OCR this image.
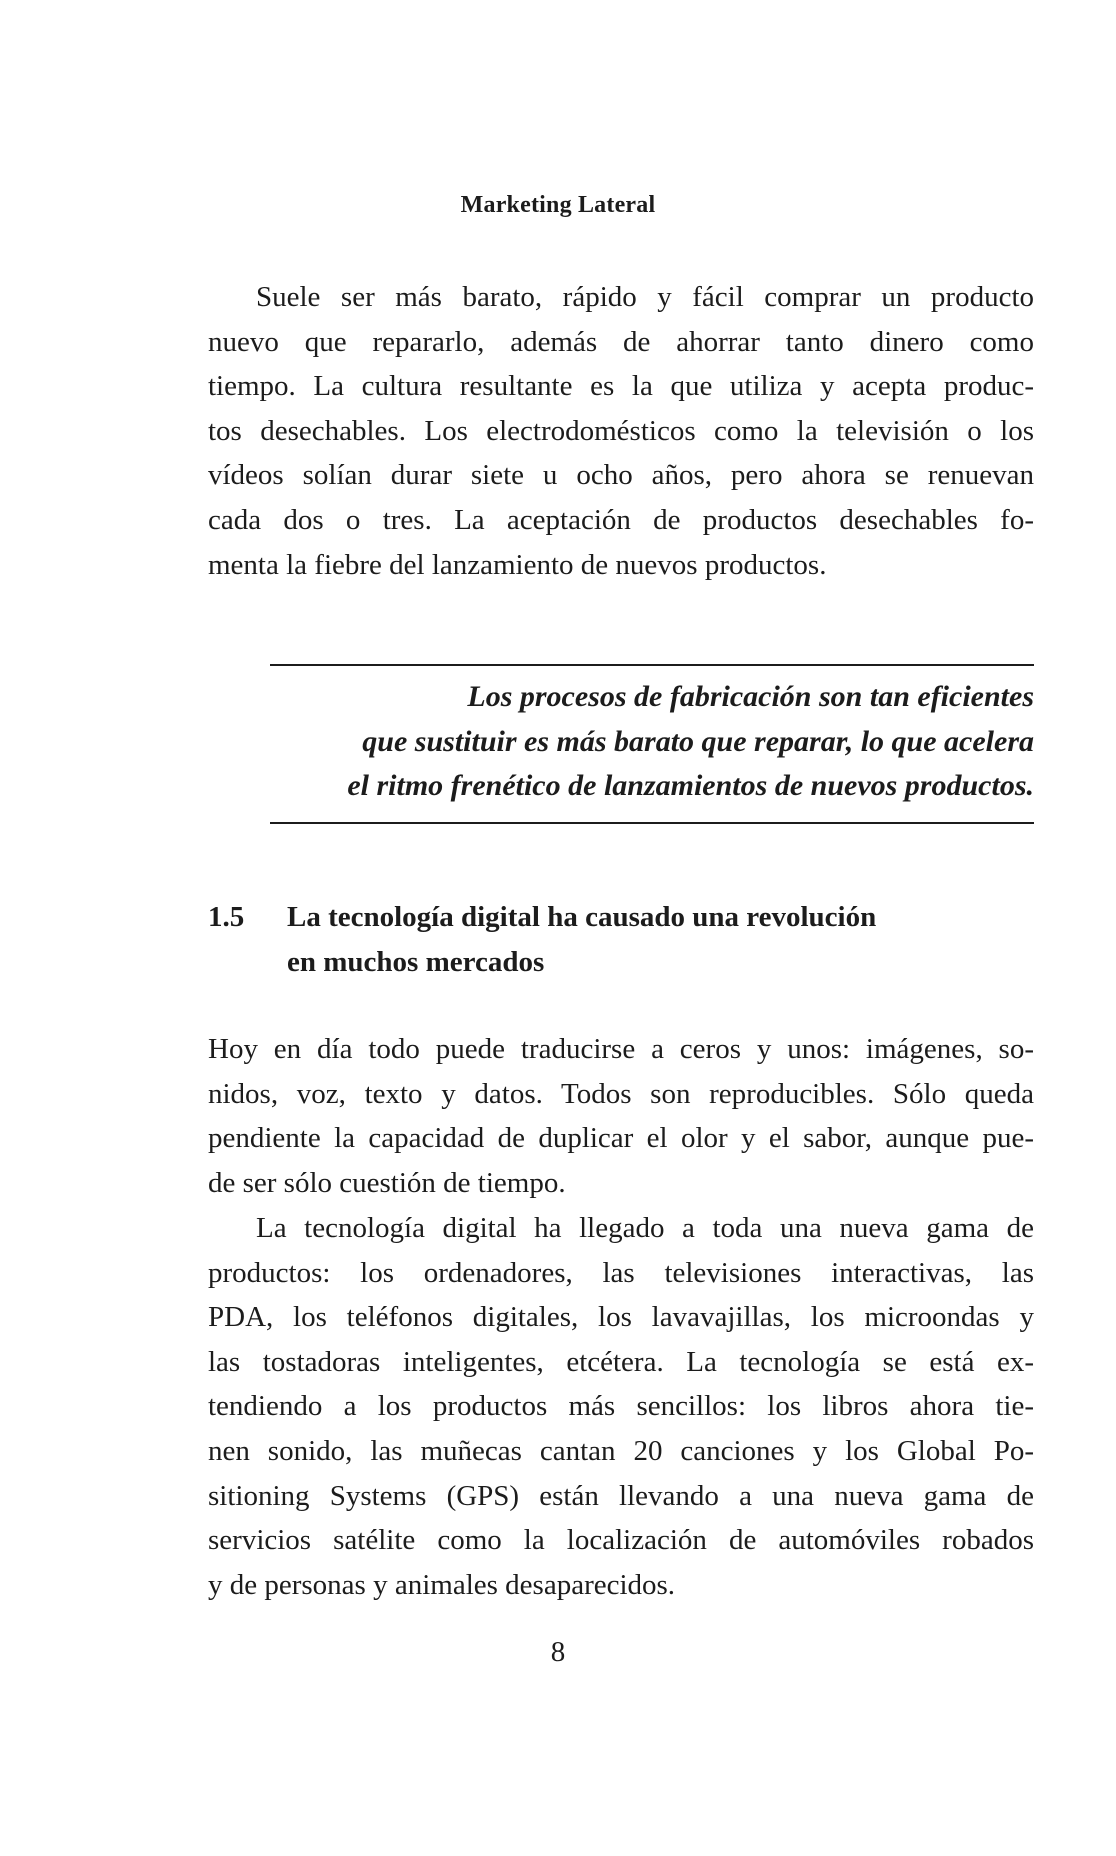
Marketing Lateral
Suele ser más barato, rápido y fácil comprar un producto
nuevo que repararlo, además de ahorrar tanto dinero como
tiempo. La cultura resultante es la que utiliza y acepta produc-
tos desechables. Los electrodomésticos como la televisión o los
vídeos solían durar siete u ocho años, pero ahora se renuevan
cada dos o tres. La aceptación de productos desechables fo-
menta la fiebre del lanzamiento de nuevos productos.
Los procesos de fabricación son tan eficientes
que sustituir es más barato que reparar, lo que acelera
el ritmo frenético de lanzamientos de nuevos productos.
1.5 La tecnología digital ha causado una revolución
en muchos mercados
Hoy en día todo puede traducirse a ceros y unos: imágenes, so-
nidos, voz, texto y datos. Todos son reproducibles. Sólo queda
pendiente la capacidad de duplicar el olor y el sabor, aunque pue-
de ser sólo cuestión de tiempo.
La tecnología digital ha llegado a toda una nueva gama de
productos: los ordenadores, las televisiones interactivas, las
PDA, los teléfonos digitales, los lavavajillas, los microondas y
las tostadoras inteligentes, etcétera. La tecnología se está ex-
tendiendo a los productos más sencillos: los libros ahora tie-
nen sonido, las muñecas cantan 20 canciones y los Global Po-
sitioning Systems (GPS) están llevando a una nueva gama de
servicios satélite como la localización de automóviles robados
y de personas y animales desaparecidos.
8
